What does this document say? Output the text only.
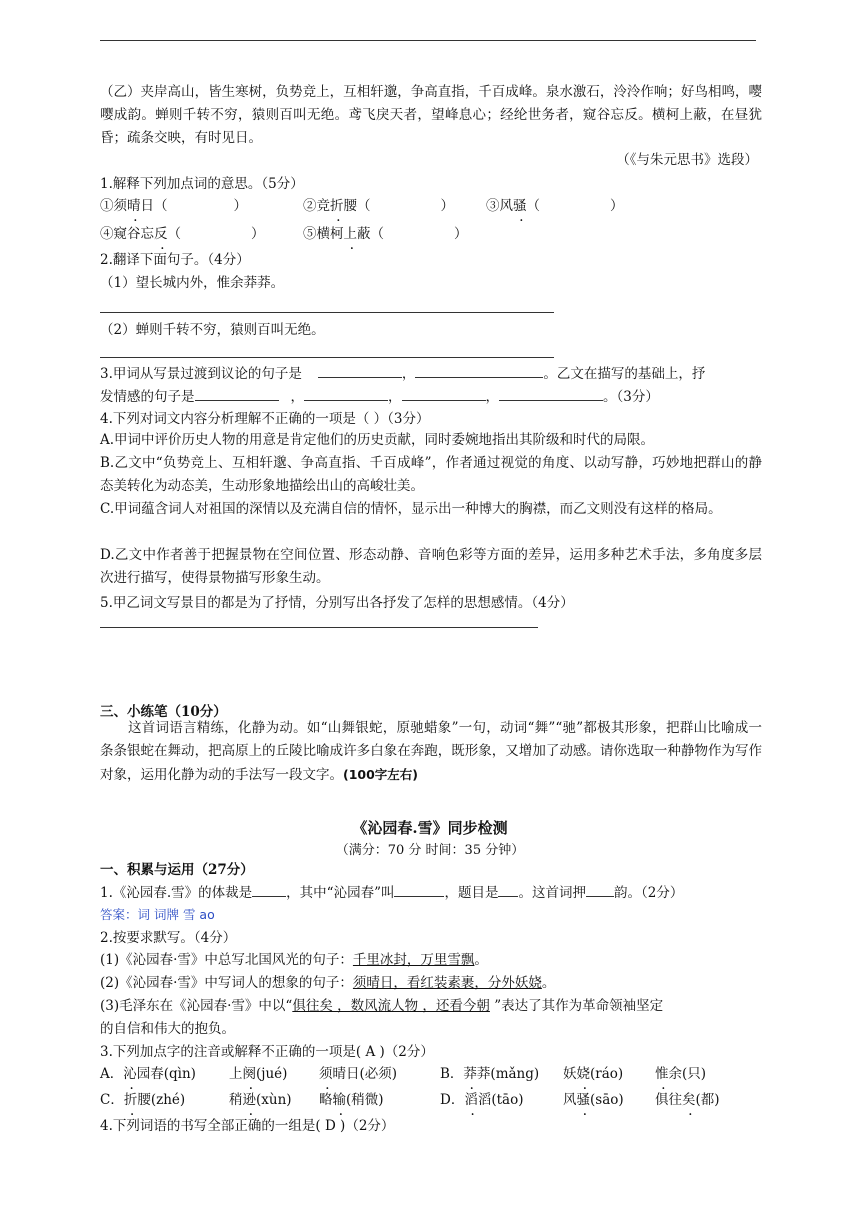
（乙）夹岸高山，皆生寒树，负势竞上，互相轩邈，争高直指，千百成峰。泉水激石，泠泠作响；好鸟相鸣，嘤嘤成韵。蝉则千转不穷，猿则百叫无绝。鸢飞戾天者，望峰息心；经纶世务者，窥谷忘反。横柯上蔽，在昼犹昏；疏条交映，有时见日。
（《与朱元思书》选段）
1.解释下列加点词的意思。（5分）
①须晴日（	）	②竞折腰（	） ③风骚（	）
④窥谷忘反（	）	⑤横柯上蔽（	）
2.翻译下面句子。（4分）
（1）望长城内外，惟余莽莽。
（2）蝉则千转不穷，猿则百叫无绝。
3.甲词从写景过渡到议论的句子是	，	。乙文在描写的基础上，抒
发情感的句子是	，	，	，	。（3分）
4.下列对词文内容分析理解不正确的一项是（ ）（3分）
A.甲词中评价历史人物的用意是肯定他们的历史贡献，同时委婉地指出其阶级和时代的局限。
B.乙文中“负势竞上、互相轩邈、争高直指、千百成峰”，作者通过视觉的角度、以动写静，巧妙地把群山的静态美转化为动态美，生动形象地描绘出山的高峻壮美。
C.甲词蕴含词人对祖国的深情以及充满自信的情怀，显示出一种博大的胸襟，而乙文则没有这样的格局。
D.乙文中作者善于把握景物在空间位置、形态动静、音响色彩等方面的差异，运用多种艺术手法，多角度多层次进行描写，使得景物描写形象生动。
5.甲乙词文写景目的都是为了抒情，分别写出各抒发了怎样的思想感情。（4分）
三、小练笔（10分）
这首词语言精练，化静为动。如“山舞银蛇，原驰蜡象”一句，动词“舞”“驰”都极其形象，把群山比喻成一条条银蛇在舞动，把高原上的丘陵比喻成许多白象在奔跑，既形象，又增加了动感。请你选取一种静物作为写作对象，运用化静为动的手法写一段文字。(100字左右)
《沁园春.雪》同步检测
（满分：70 分 时间：35 分钟）
一、积累与运用（27分）
1.《沁园春.雪》的体裁是	，其中“沁园春”叫	，题目是 。这首词押 韵。（2分）
答案：词 词牌 雪 ao
2.按要求默写。（4分）
(1)《沁园春·雪》中总写北国风光的句子：千里冰封，万里雪飘。
(2)《沁园春·雪》中写词人的想象的句子：须晴日，看红装素裹，分外妖娆。
(3)毛泽东在《沁园春·雪》中以“俱往矣 ，数风流人物 ，还看今朝 ”表达了其作为革命领袖坚定
的自信和伟大的抱负。
3.下列加点字的注音或解释不正确的一项是( A )（2分）
A．沁园春(qìn) 上阕(jué) 须晴日(必须)	B．莽莽(mǎng) 妖娆(ráo) 惟余(只)
C．折腰(zhé)	稍逊(xùn) 略输(稍微)	D．滔滔(tāo)	风骚(sāo) 俱往矣(都)
4.下列词语的书写全部正确的一组是( D )（2分）
